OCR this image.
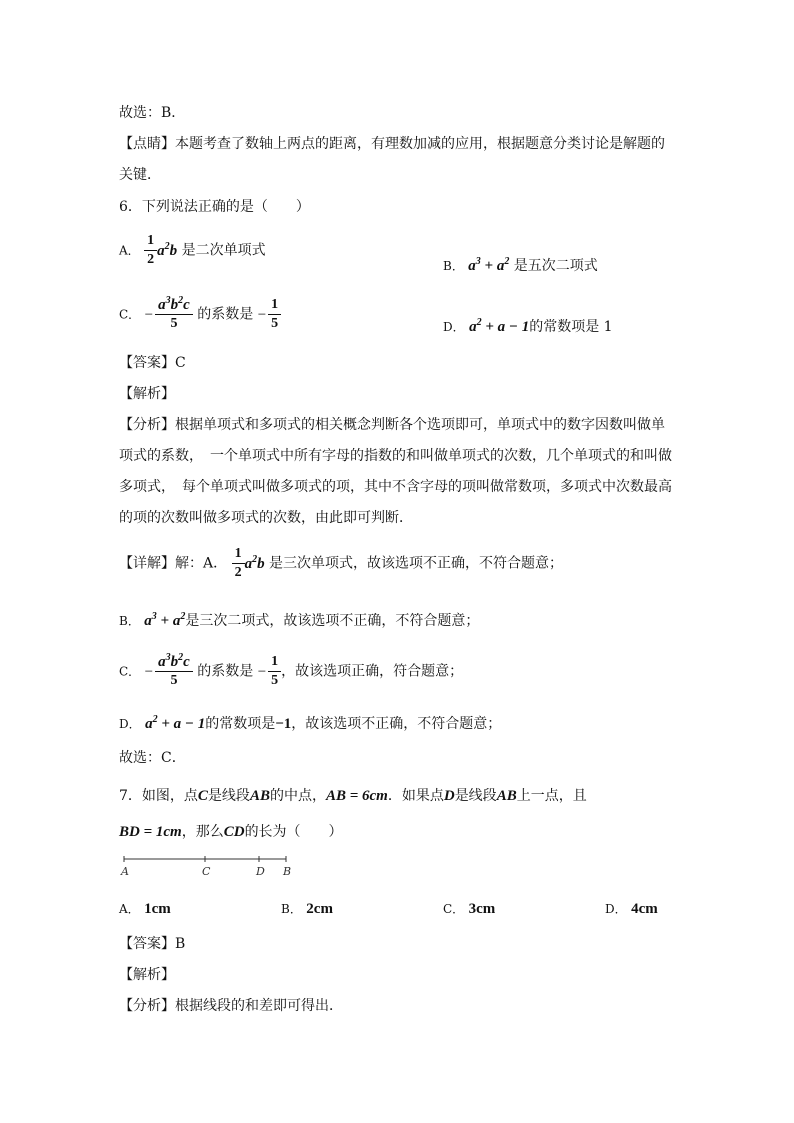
故选：B．
【点睛】本题考查了数轴上两点的距离，有理数加减的应用，根据题意分类讨论是解题的
关键．
6．下列说法正确的是（　　）
A． $\frac{1}{2} a^2b$ 是二次单项式
B． $a^3 + a^2$ 是五次二项式
C． − $\frac{a^3b^2c}{5}$ 的系数是 − $\frac{1}{5}$	D． $a^2 + a - 1$的常数项是 1
【答案】C
【解析】
【分析】根据单项式和多项式的相关概念判断各个选项即可，单项式中的数字因数叫做单
项式的系数，　一个单项式中所有字母的指数的和叫做单项式的次数，几个单项式的和叫做
多项式，　每个单项式叫做多项式的项，其中不含字母的项叫做常数项，多项式中次数最高
的项的次数叫做多项式的次数，由此即可判断．
【详解】解：A． $\frac{1}{2} a^2b$ 是三次单项式，故该选项不正确，不符合题意；
B． $a^3 + a^2$是三次二项式，故该选项不正确，不符合题意；
C． − $\frac{a^3b^2c}{5}$ 的系数是 − $\frac{1}{5}$ ，故该选项正确，符合题意；
D． $a^2 + a - 1$的常数项是−1，故该选项不正确，不符合题意；
故选：C．
7．如图，点C是线段AB的中点，AB = 6cm．如果点D是线段AB上一点，且
BD = 1cm，那么CD的长为（　　）
A	C	D B
A． 1cm	B． 2cm	C． 3cm	D． 4cm
【答案】B
【解析】
【分析】根据线段的和差即可得出．
